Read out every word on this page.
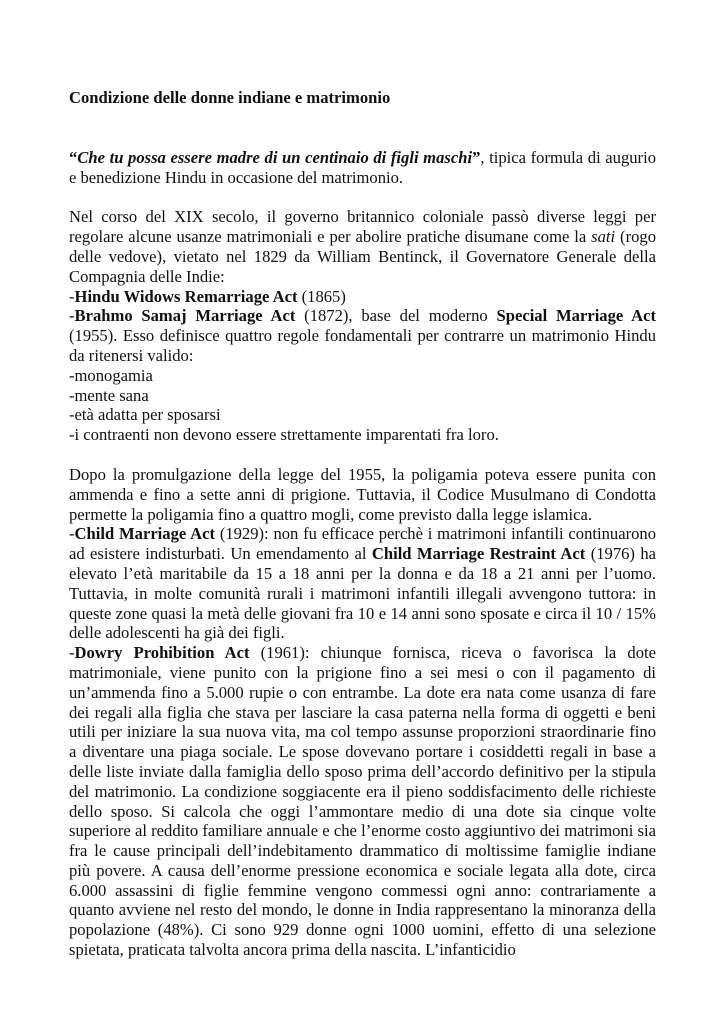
Condizione delle donne indiane e matrimonio

“Che tu possa essere madre di un centinaio di figli maschi”, tipica formula di augurio e benedizione Hindu in occasione del matrimonio.

Nel corso del XIX secolo, il governo britannico coloniale passò diverse leggi per regolare alcune usanze matrimoniali e per abolire pratiche disumane come la sati (rogo delle vedove), vietato nel 1829 da William Bentinck, il Governatore Generale della Compagnia delle Indie:

-Hindu Widows Remarriage Act (1865)

-Brahmo Samaj Marriage Act (1872), base del moderno Special Marriage Act (1955). Esso definisce quattro regole fondamentali per contrarre un matrimonio Hindu da ritenersi valido:

-monogamia
-mente sana
-età adatta per sposarsi
-i contraenti non devono essere strettamente imparentati fra loro.

Dopo la promulgazione della legge del 1955, la poligamia poteva essere punita con ammenda e fino a sette anni di prigione. Tuttavia, il Codice Musulmano di Condotta permette la poligamia fino a quattro mogli, come previsto dalla legge islamica.

-Child Marriage Act (1929): non fu efficace perchè i matrimoni infantili continuarono ad esistere indisturbati. Un emendamento al Child Marriage Restraint Act (1976) ha elevato l’età maritabile da 15 a 18 anni per la donna e da 18 a 21 anni per l’uomo. Tuttavia, in molte comunità rurali i matrimoni infantili illegali avvengono tuttora: in queste zone quasi la metà delle giovani fra 10 e 14 anni sono sposate e circa il 10 / 15% delle adolescenti ha già dei figli.

-Dowry Prohibition Act (1961): chiunque fornisca, riceva o favorisca la dote matrimoniale, viene punito con la prigione fino a sei mesi o con il pagamento di un’ammenda fino a 5.000 rupie o con entrambe. La dote era nata come usanza di fare dei regali alla figlia che stava per lasciare la casa paterna nella forma di oggetti e beni utili per iniziare la sua nuova vita, ma col tempo assunse proporzioni straordinarie fino a diventare una piaga sociale. Le spose dovevano portare i cosiddetti regali in base a delle liste inviate dalla famiglia dello sposo prima dell’accordo definitivo per la stipula del matrimonio. La condizione soggiacente era il pieno soddisfacimento delle richieste dello sposo. Si calcola che oggi l’ammontare medio di una dote sia cinque volte superiore al reddito familiare annuale e che l’enorme costo aggiuntivo dei matrimoni sia fra le cause principali dell’indebitamento drammatico di moltissime famiglie indiane più povere. A causa dell’enorme pressione economica e sociale legata alla dote, circa 6.000 assassini di figlie femmine vengono commessi ogni anno: contrariamente a quanto avviene nel resto del mondo, le donne in India rappresentano la minoranza della popolazione (48%). Ci sono 929 donne ogni 1000 uomini, effetto di una selezione spietata, praticata talvolta ancora prima della nascita. L’infanticidio
